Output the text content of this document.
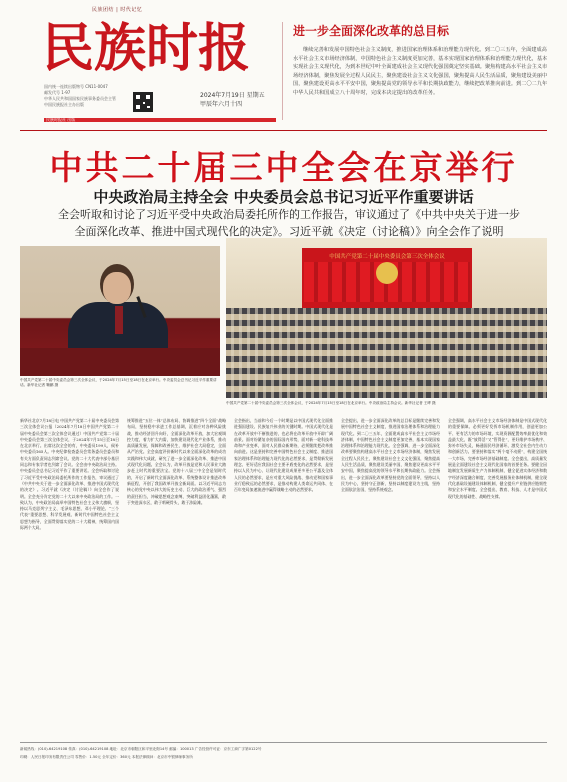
民族团结 | 时代记忆
民族时报
国内统一连续出版物号 CN11-0047
邮发代号 1-97
中华人民共和国国家民族事务委员会主管
中国民族报社主办出版
2024年7月19日 星期五
甲辰年六月十四
民族时报社 出版
进一步全面深化改革的总目标
继续完善和发展中国特色社会主义制度，推进国家治理体系和治理能力现代化。到二〇三五年，全面建成高水平社会主义市场经济体制，中国特色社会主义制度更加完善，基本实现国家治理体系和治理能力现代化，基本实现社会主义现代化，为到本世纪中叶全面建成社会主义现代化强国奠定坚实基础。聚焦构建高水平社会主义市场经济体制，聚焦发展全过程人民民主，聚焦建设社会主义文化强国，聚焦提高人民生活品质，聚焦建设美丽中国，聚焦建设更高水平平安中国，聚焦提高党的领导水平和长期执政能力，继续把改革推向前进。到二〇二九年中华人民共和国成立八十周年时，完成本决定提出的改革任务。
中共二十届三中全会在京举行
中央政治局主持全会 中央委员会总书记习近平作重要讲话
全会听取和讨论了习近平受中央政治局委托所作的工作报告，审议通过了《中共中央关于进一步全面深化改革、推进中国式现代化的决定》。习近平就《决定（讨论稿）》向全会作了说明
中国共产党第二十届中央委员会第三次全体会议，于2024年7月15日至18日在北京举行。中央委员会总书记习近平作重要讲话。新华社记者 鞠鹏 摄
中国共产党第二十届中央委员会第三次全体会议
中国共产党第二十届中央委员会第三次全体会议，于2024年7月15日至18日在北京举行。中央政治局主持会议。新华社记者 王晔 摄
新华社北京7月18日电 中国共产党第二十届中央委员会第三次全体会议公报（2024年7月18日中国共产党第二十届中央委员会第三次全体会议通过）中国共产党第二十届中央委员会第三次全体会议，于2024年7月15日至18日在北京举行。出席这次全会的有，中央委员199人，候补中央委员165人。中央纪律检查委员会常务委员会委员和有关方面负责同志列席会议。党的二十大代表中部分基层同志和专家学者也列席了会议。全会由中央政治局主持。中央委员会总书记习近平作了重要讲话。全会听取和讨论了习近平受中央政治局委托所作的工作报告，审议通过了《中共中央关于进一步全面深化改革、推进中国式现代化的决定》。习近平就《决定（讨论稿）》向全会作了说明。全会充分肯定党的二十大以来中央政治局的工作。一致认为，中央政治局高举中国特色社会主义伟大旗帜，坚持以马克思列宁主义、毛泽东思想、邓小平理论、“三个代表”重要思想、科学发展观、新时代中国特色社会主义思想为指导，全面贯彻落实党的二十大精神，统筹国内国际两个大局。
统筹推进“五位一体”总体布局、协调推进“四个全面”战略布局，坚持稳中求进工作总基调，沉着应对各种风险挑战，推动经济回升向好，全面深化改革开放，加大宏观调控力度，着力扩大内需，加快建设现代化产业体系，推动高质量发展，保障和改善民生，维护社会大局稳定，全面从严治党。全会高度评价新时代以来全面深化改革的成功实践和伟大成就，研究了进一步全面深化改革、推进中国式现代化问题。全会认为，改革开放是党和人民事业大踏步赶上时代的重要法宝。党的十八届三中全会是划时代的，开启了新时代全面深化改革、系统整体设计推进改革新征程，开创了我国改革开放全新局面。以习近平同志为核心的党中央以伟大的历史主动、巨大的政治勇气、强烈的责任担当，冲破思想观念束缚，突破利益固化藩篱，敢于突进深水区，敢于啃硬骨头，敢于涉险滩。
全会指出，当前和今后一个时期是以中国式现代化全面推进强国建设、民族复兴伟业的关键时期。中国式现代化是在改革开放中不断推进的，也必将在改革开放中开辟广阔前景。面对纷繁复杂的国际国内形势，面对新一轮科技革命和产业变革，面对人民群众新期待，必须继续把改革推向前进。这是坚持和完善中国特色社会主义制度、推进国家治理体系和治理能力现代化的必然要求，是贯彻新发展理念、更好适应我国社会主要矛盾变化的必然要求，是坚持以人民为中心、让现代化建设成果更多更公平惠及全体人民的必然要求，是应对重大风险挑战、推动党和国家事业行稳致远的必然要求，是推动构建人类命运共同体、在百年变局加速演进中赢得战略主动的必然要求。
全会提出，进一步全面深化改革的总目标是继续完善和发展中国特色社会主义制度，推进国家治理体系和治理能力现代化。到二〇三五年，全面建成高水平社会主义市场经济体制，中国特色社会主义制度更加完善，基本实现国家治理体系和治理能力现代化。全会强调，进一步全面深化改革要聚焦构建高水平社会主义市场经济体制，聚焦发展全过程人民民主，聚焦建设社会主义文化强国，聚焦提高人民生活品质，聚焦建设美丽中国，聚焦建设更高水平平安中国，聚焦提高党的领导水平和长期执政能力。全会指出，进一步全面深化改革要坚持党的全面领导，坚持以人民为中心，坚持守正创新，坚持以制度建设为主线，坚持全面依法治国，坚持系统观念。
全会强调，高水平社会主义市场经济体制是中国式现代化的重要保障。必须更好发挥市场机制作用，创造更加公平、更有活力的市场环境，实现资源配置效率最优化和效益最大化，既“放得活”又“管得住”，更好维护市场秩序、弥补市场失灵，畅通国民经济循环，激发全社会内生动力和创新活力。要坚持和落实“两个毫不动摇”，构建全国统一大市场，完善市场经济基础制度。全会提出，高质量发展是全面建设社会主义现代化国家的首要任务。要健全因地制宜发展新质生产力体制机制，健全促进实体经济和数字经济深度融合制度，完善发展服务业体制机制，健全现代化基础设施建设体制机制，健全提升产业链供应链韧性和安全水平制度。全会提出，教育、科技、人才是中国式现代化的基础性、战略性支撑。
新闻热线：(010)-64219108 传真：(010)-64219108 地址：北京市朝阳区和平里北街14号 邮编：100013 广告经营许可证：京东工商广字第0122号
印刷：人民日报印务有限责任公司 零售价：1.50元 全年定价：360元 本报法律顾问：北京市中银律师事务所
